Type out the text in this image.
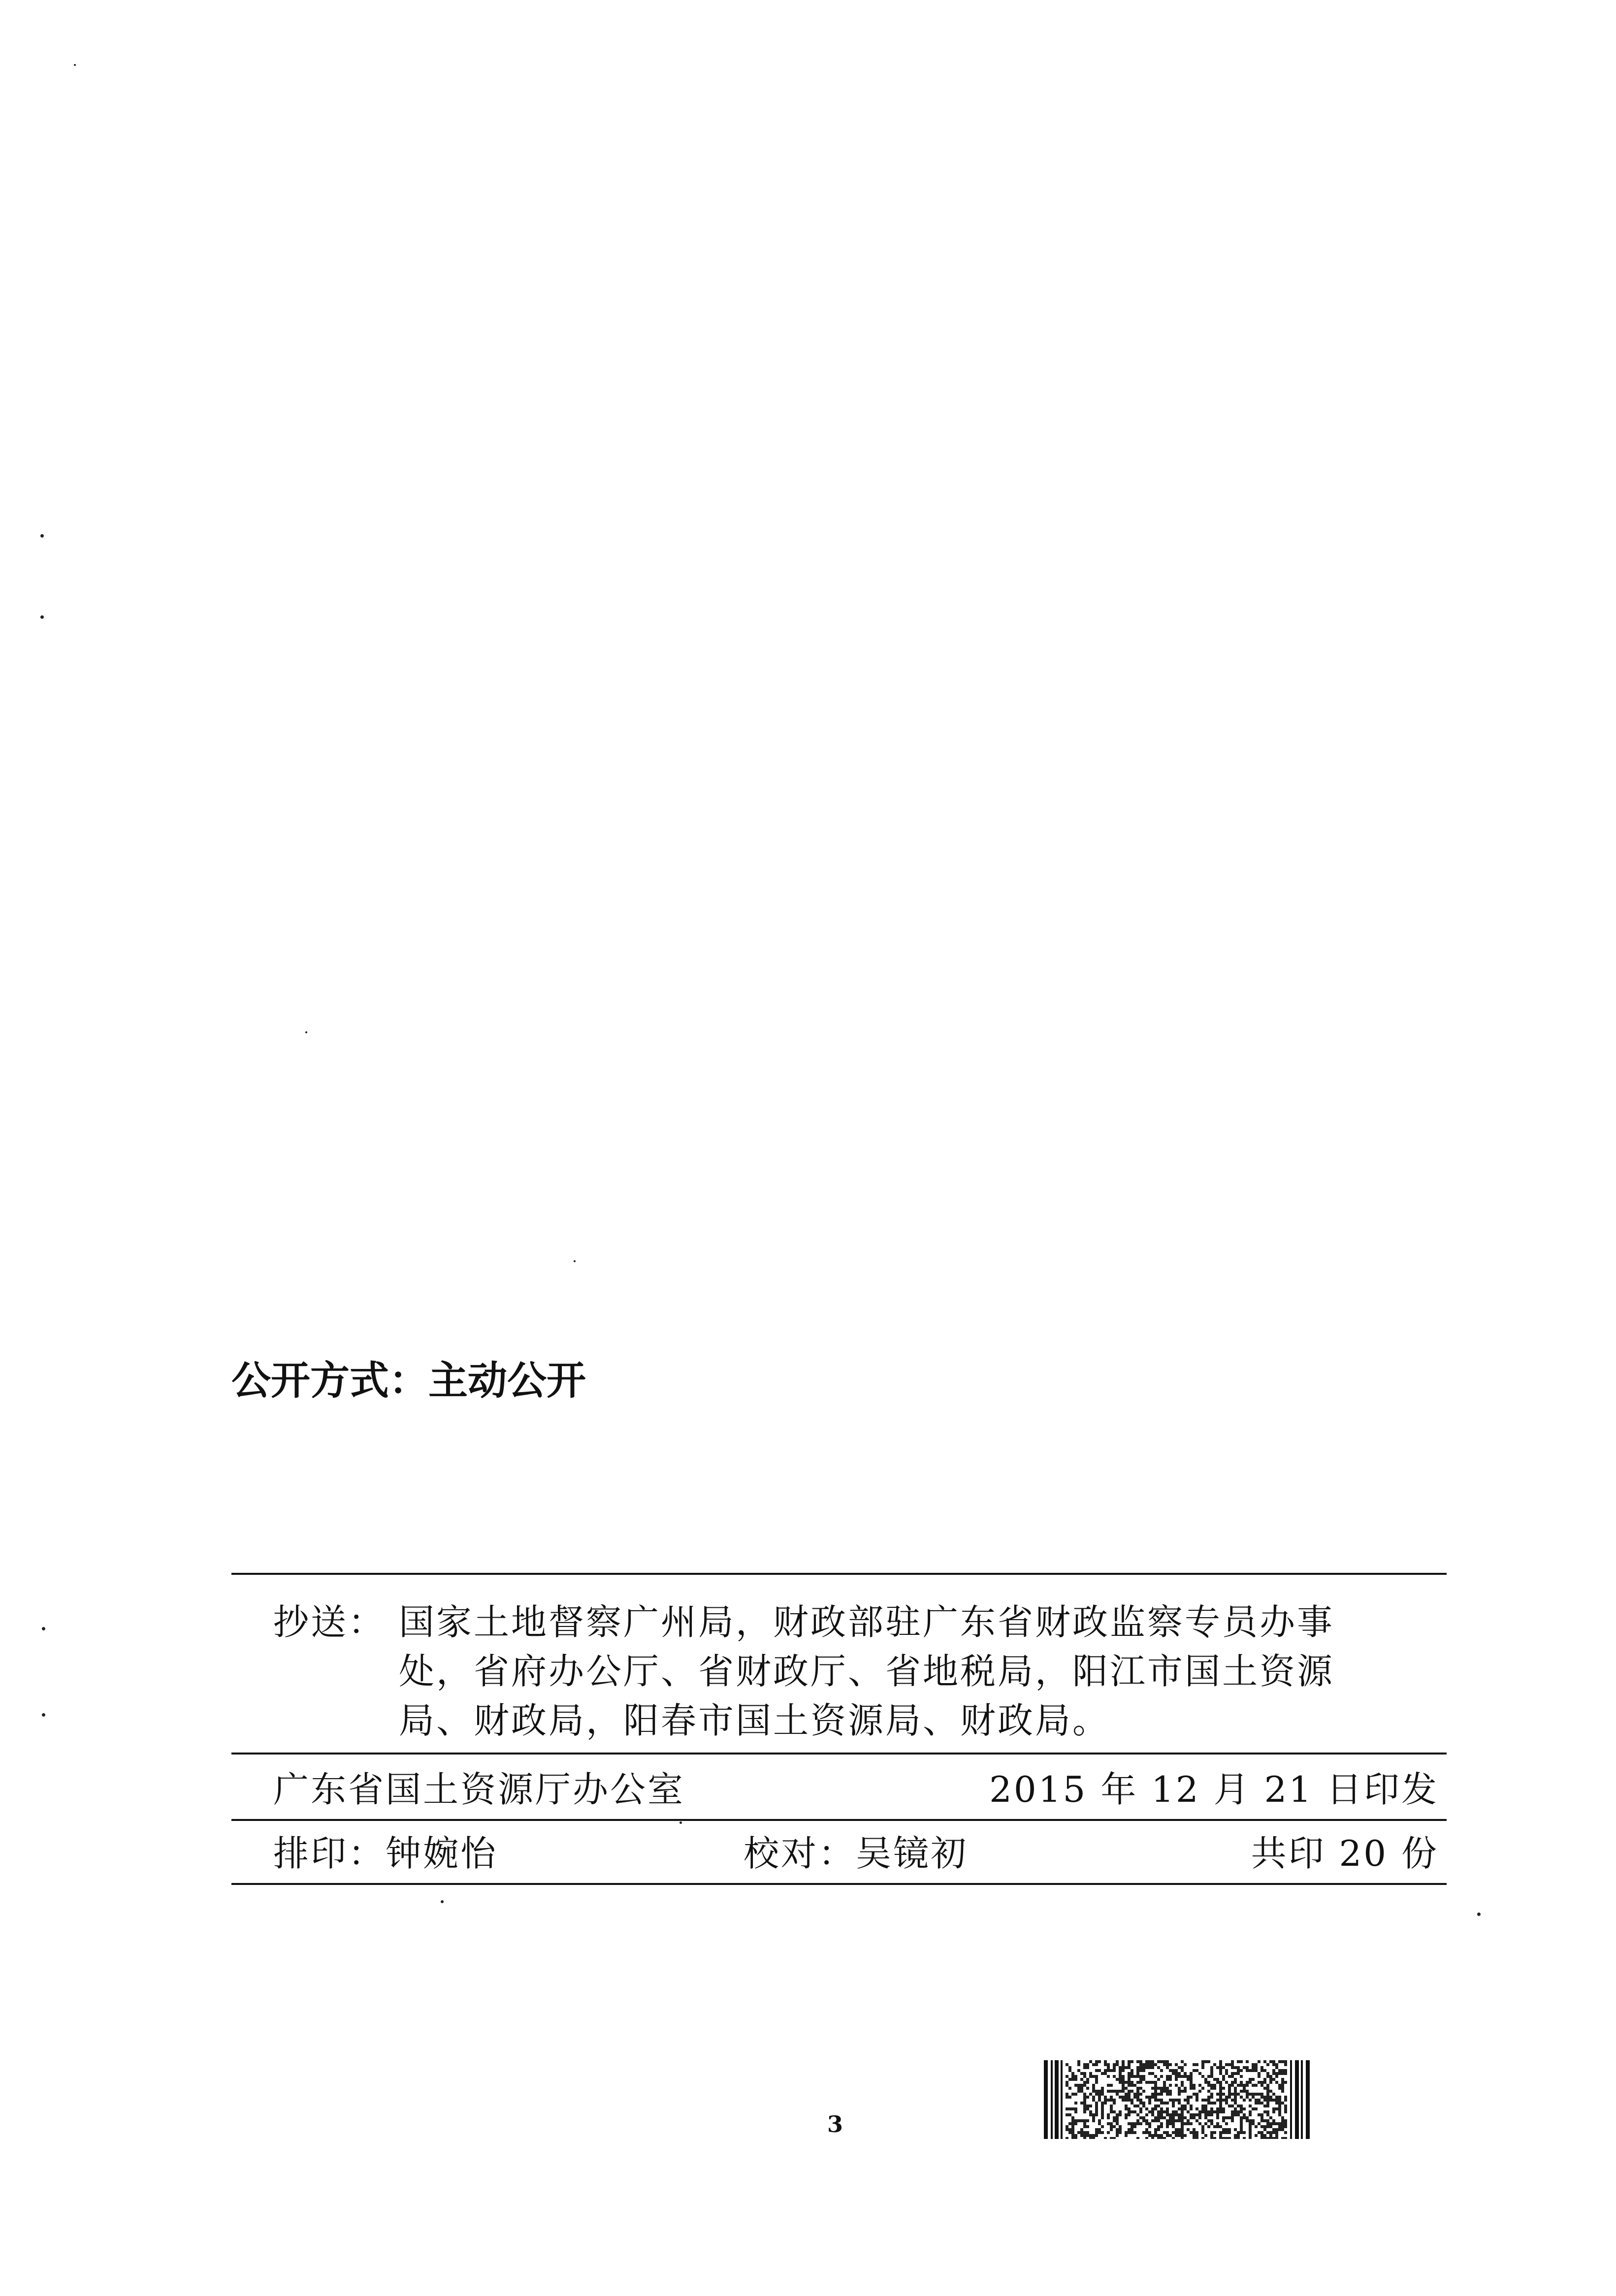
公开方式：主动公开
抄送： 国家土地督察广州局，财政部驻广东省财政监察专员办事
处，省府办公厅、省财政厅、省地税局，阳江市国土资源
局、财政局，阳春市国土资源局、财政局。
广东省国土资源厅办公室	2015 年 12 月 21 日印发
排印：钟婉怡	校对：吴镜初	共印 20 份
3
